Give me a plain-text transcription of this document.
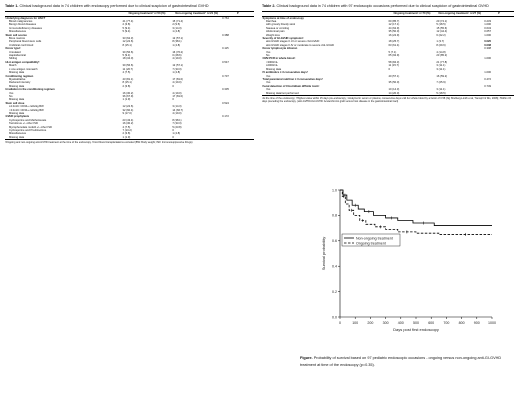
Table 1. Clinical background data in 74 children with endoscopy performed due to clinical suspicion of gastrointestinal GVHD
	Ongoing treatmentª n=53 (%)	Non-ongoing treatmentª n=21 (%)	P
Underlying diagnosis for HSCT			0.764
Blood malignancies	41 (77.4)	15 (71.4)	
Benign blood diseases	2 (3.8)	2 (9.5)	
Immunodeficiency diseases	5 (9.4)	3 (14.3)	
Miscellaneous	5 (9.4)	1 (4.8)	
Stem cell source			0.388
Bone marrow	33 (62.3)	12 (57.1)	
Peripheral blood stem cells	12 (22.6)	8 (38.1)	
Umbilical cord blood	8 (15.1)	1 (4.8)	
Donor typeᵇ			0.115
Unrelated	30 (56.6)	16 (76.2)	
Haploidentical	5 (9.4)	0 (28.6)	
Sibling	18 (34.0)	4 (19.0)	
HLA antigen compatibilityᵇ			0.547
Match	30 (56.6)	12 (57.1)	
≥ one antigen mismatch	11 (20.7)	7 (33.3)	
Missing data	4 (7.5)	1 (4.8)	
Conditioning regimen			0.737
Myeloablative	43 (81.1)	17 (81.0)	
Reduced intensity	8 (15.1)	4 (19.0)	
Missing data	2 (3.8)	0	
Irradiation in the conditioning regimen			0.335
Yes	16 (30.2)	4 (19.0)	
No	36 (67.9)	17 (81.0)	
Missing data	1 (1.9)	0	
Stem cell dose			0.524
≥4.0x10⁶ CD34+ cells/kg BW	12 (22.6)	3 (14.3)	
<4.0x10⁶ CD34+ cells/kg BW	32 (60.4)	14 (66.7)	
Missing data	9 (17.0)	4 (19.0)	
GVHD prophylaxis			0.172
Cyclosporine and Methotrexate	23 (43.4)	8 (38.1)	
Tacrolimus +/- other ISD	16 (30.2)	7 (33.3)	
Mycophenolate mofetil +/- other ISD	4 (7.5)	5 (23.8)	
Cyclosporine and Prednisolone	7 (13.2)	0	
Miscellaneous	2 (3.8)	1 (4.8)	
Missing data	1 (1.9)	0	
ªOngoing and non-ongoing anti-GVHD treatment at the time of the endoscopy. ᵇCord blood transplantations excluded (BW: Body weight; ISD: Immunosuppressive Drugs)
Table 2. Clinical background data in 74 children with 97 endoscopic occasions performed due to clinical suspicion of gastrointestinal GVHD
	Ongoing treatmentᵃ n=70 (%)	Non-ongoing treatmentᵃ n=27 (%)	P
Symptoms at time of endoscopy			
Diarrhea	60 (85.7)	20 (74.1)	0.233
with grossly bloody stool	12 (17.1)	5 (18.5)	1.000
Nausea or vomiting	44 (62.9)	15 (55.6)	0.643
Abdominal pain	35 (50.0)	12 (44.4)	0.657
Weight loss	16 (22.9)	6 (22.2)	1.000
Severity of GI-GVHD symptomsᵇ			
aGI-GVHD stages 0 -III or severe cGI-GVHD	18 (25.7)	1 (3.7)	0.020
aGI-GVHD stages II-IV or moderate to severe cGI-GVHD	63 (61.4)	8 (29.6)	0.008
Donor lymphocyte infusion			0.308
Yes	5 (7.1)	4 (14.8)	
No	65 (92.9)	23 (85.2)	
CMV-PCR in whole bloodᶜ			1.000
<2000/mL	58 (84.3)	21 (77.8)	
≥2000/mL	11 (15.7)	3 (11.1)	
Missing data	0	3 (11.1)	
IV antibiotics ≥ 3 consecutive daysᵈ			1.000
Yes	40 (57.1)	16 (59.2)	
Total parenteral nutrition ≥ 3 consecutive daysᵈ			0.472
Yes	35 (50.0)	7 (25.9)	
Fecal detection of Clostridium difficile toxinᵉ			0.749
Yes	10 (14.3)	3 (11.1)	
Missing data/not performed	14 (20.0)	5 (18.5)	
ᵃAt the time of the endoscopy; ᵇHighest value within 15 days pre-endoscopy; ᶜAnalyzed in serum or plasma; consecutive days until 4or whole blood by a factor of 0.58 (Ng Shulberg-Lindh et al, Transpl Inf Dis, 2008); ᵈWithin 15 days preceding the endoscopy. (aGI-GVHD/cGI-GVHD: Acute/chronic graft versus host disease in the gastrointestinal tract)
0	100	200	300	400	500	600	700	800	900 1000
0.0
0.2
0.4
0.6
0.8
1.0
Days post first endoscopy
Survival probability	Non-ongoing treatment
Ongoing treatment
Figure. Probability of survival based on 97 pediatric endoscopic occasions - ongoing versus non-ongoing anti-GI-GVHD treatment at time of the endoscopy (p=0.35).
